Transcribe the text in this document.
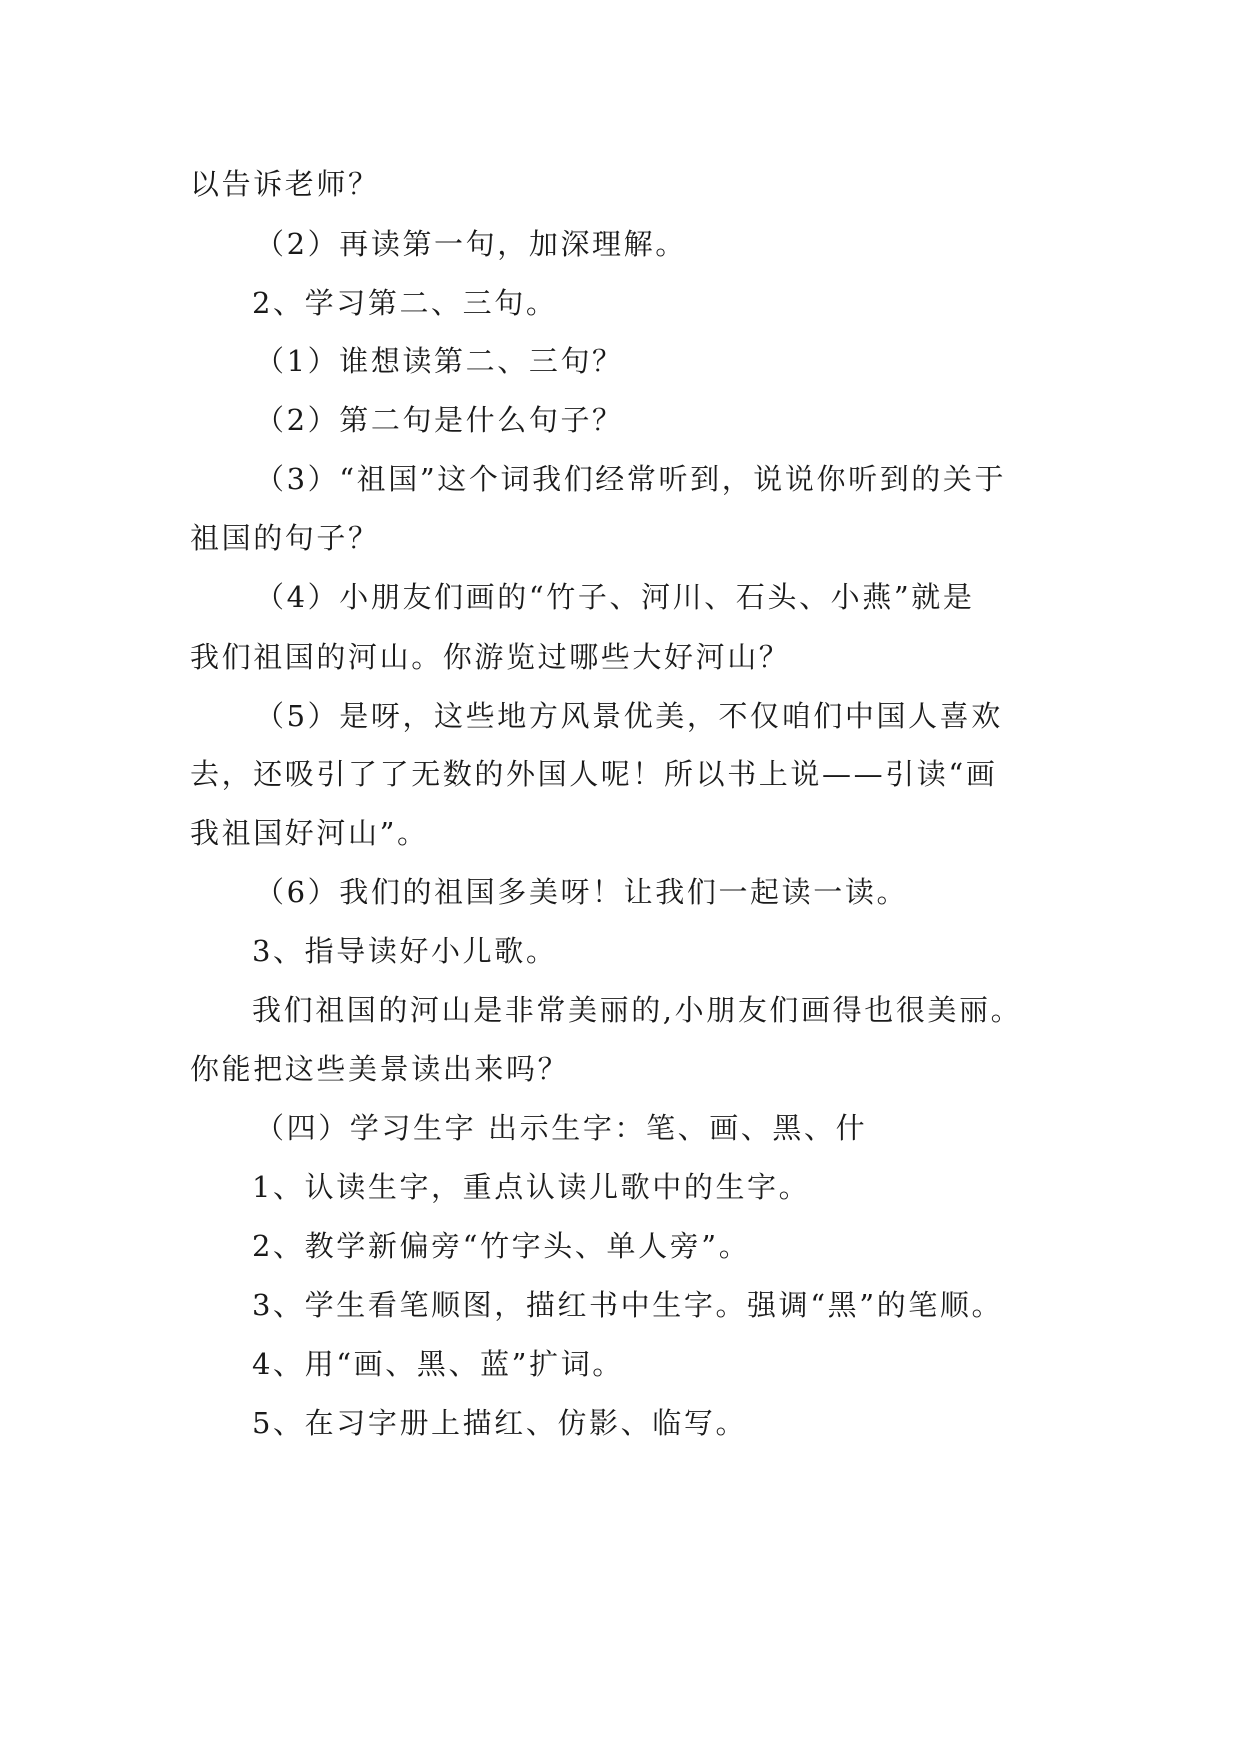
以告诉老师？
（2）再读第一句，加深理解。
2、学习第二、三句。
（1）谁想读第二、三句？
（2）第二句是什么句子？
（3）“祖国”这个词我们经常听到，说说你听到的关于
祖国的句子？
（4）小朋友们画的“竹子、河川、石头、小燕”就是
我们祖国的河山。你游览过哪些大好河山？
（5）是呀，这些地方风景优美，不仅咱们中国人喜欢
去，还吸引了了无数的外国人呢！所以书上说——引读“画
我祖国好河山”。
（6）我们的祖国多美呀！让我们一起读一读。
3、指导读好小儿歌。
我们祖国的河山是非常美丽的,小朋友们画得也很美丽。
你能把这些美景读出来吗？
（四）学习生字 出示生字：笔、画、黑、什
1、认读生字，重点认读儿歌中的生字。
2、教学新偏旁“竹字头、单人旁”。
3、学生看笔顺图，描红书中生字。强调“黑”的笔顺。
4、用“画、黑、蓝”扩词。
5、在习字册上描红、仿影、临写。
